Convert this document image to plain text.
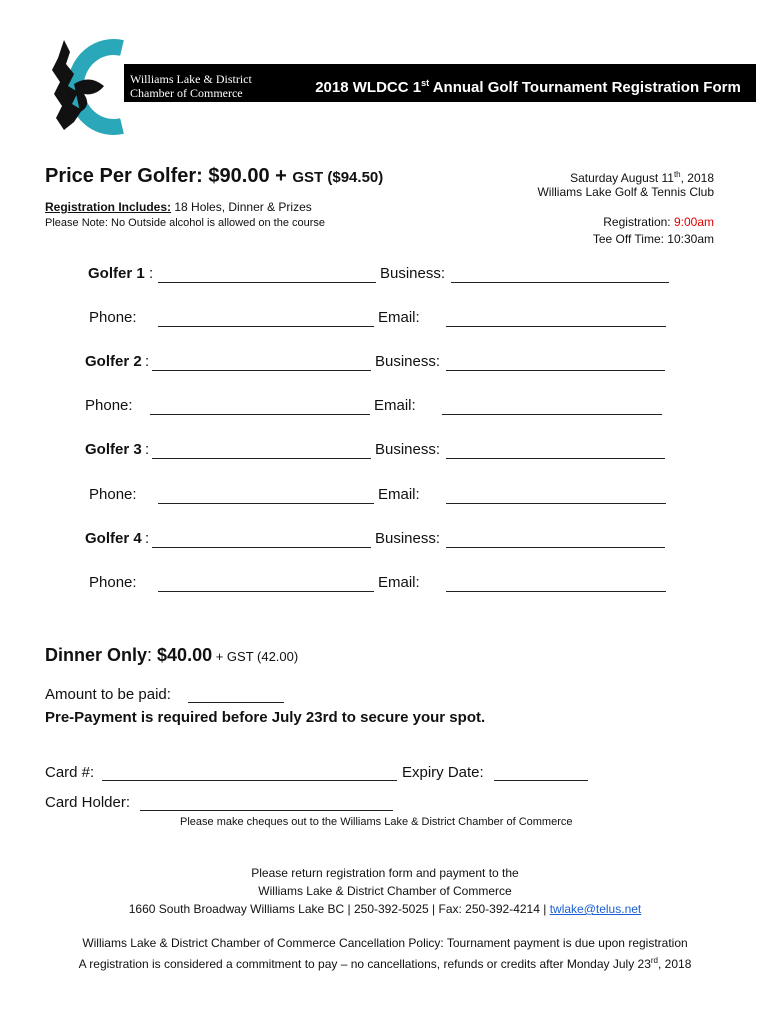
Williams Lake & District
Chamber of Commerce	2018 WLDCC 1st Annual Golf Tournament Registration Form
Price Per Golfer: $90.00 + GST ($94.50)
Registration Includes: 18 Holes, Dinner & Prizes
Please Note: No Outside alcohol is allowed on the course
Saturday August 11th, 2018
Williams Lake Golf & Tennis Club
Registration: 9:00am
Tee Off Time: 10:30am
Golfer 1 :	Business:
Phone:	Email:
Golfer 2 :	Business:
Phone:	Email:
Golfer 3 :	Business:
Phone:	Email:
Golfer 4 :	Business:
Phone:	Email:
Dinner Only: $40.00 + GST (42.00)
Amount to be paid:
Pre-Payment is required before July 23rd to secure your spot.
Card #:	Expiry Date:
Card Holder:
Please make cheques out to the Williams Lake & District Chamber of Commerce
Please return registration form and payment to the
Williams Lake & District Chamber of Commerce
1660 South Broadway Williams Lake BC | 250-392-5025 | Fax: 250-392-4214 | twlake@telus.net
Williams Lake & District Chamber of Commerce Cancellation Policy: Tournament payment is due upon registration
A registration is considered a commitment to pay – no cancellations, refunds or credits after Monday July 23rd, 2018
